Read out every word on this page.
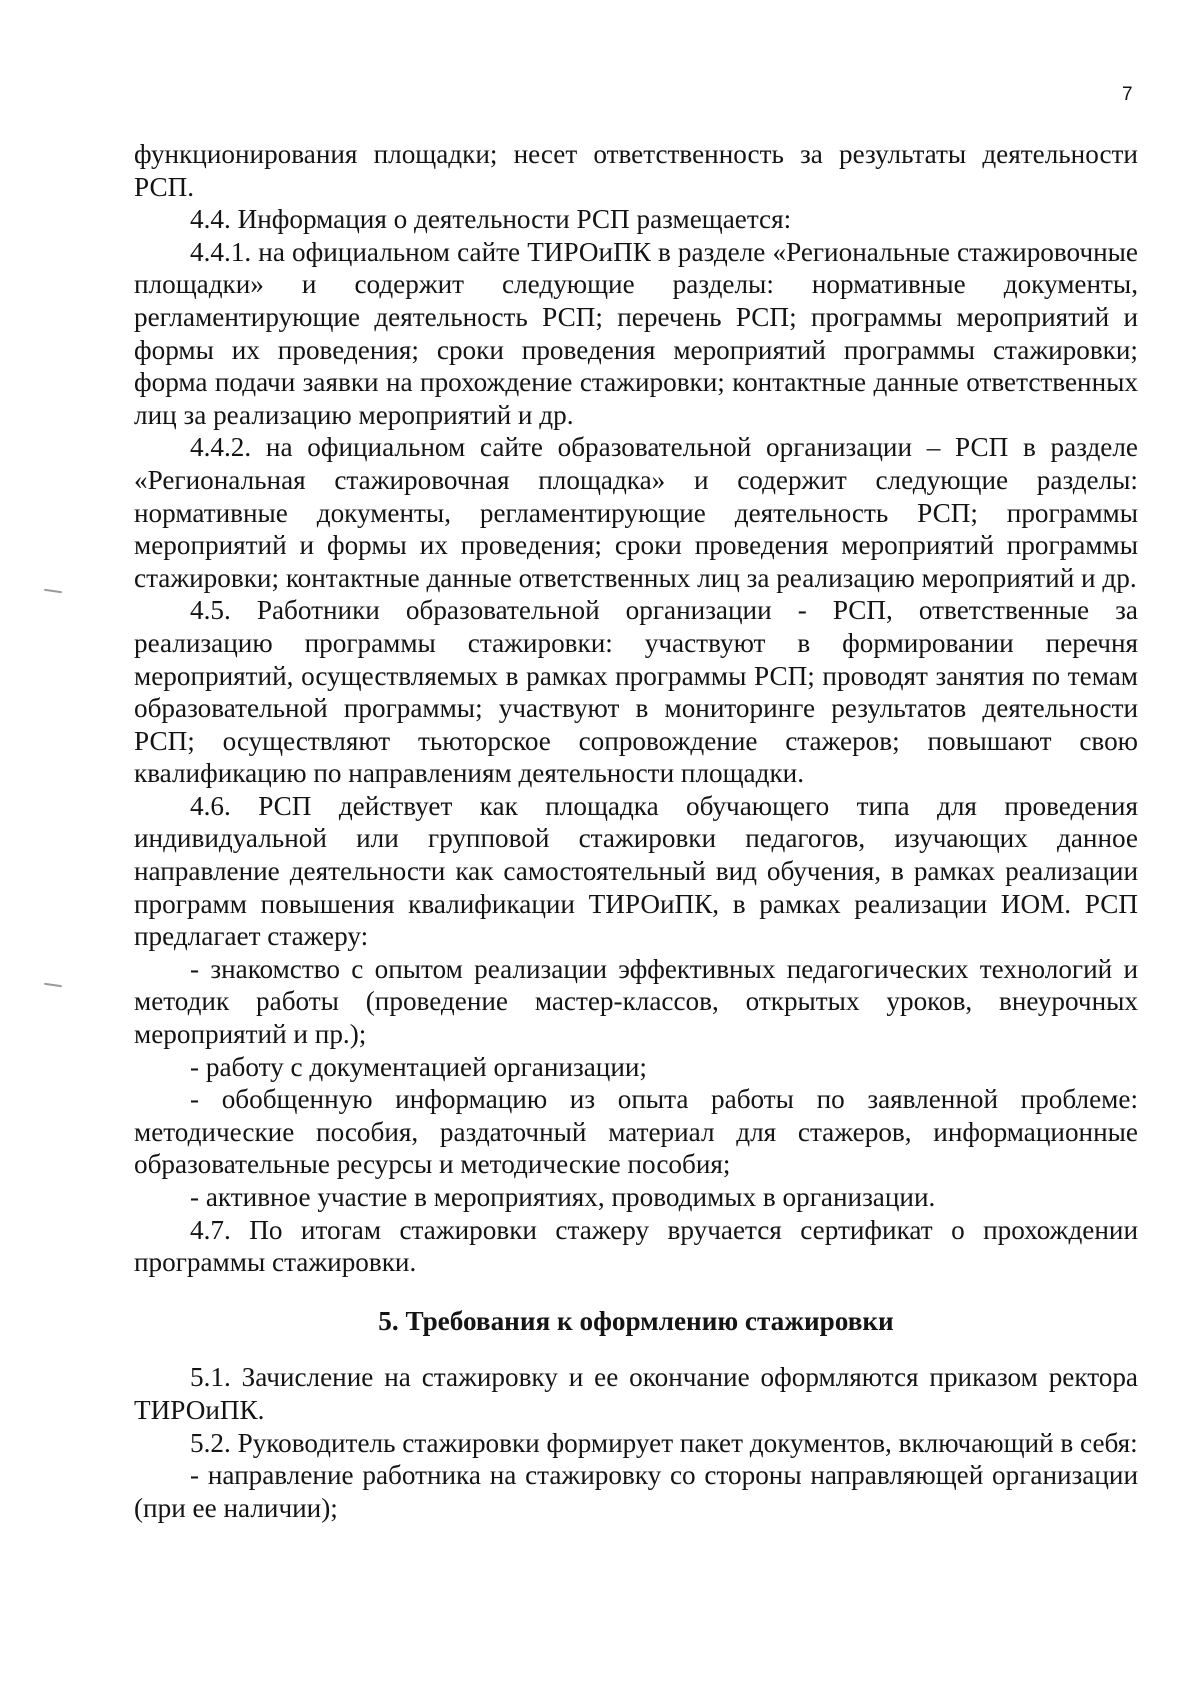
7

функционирования площадки; несет ответственность за результаты деятельности РСП.

4.4. Информация о деятельности РСП размещается:

4.4.1. на официальном сайте ТИРОиПК в разделе «Региональные стажировочные площадки» и содержит следующие разделы: нормативные документы, регламентирующие деятельность РСП; перечень РСП; программы мероприятий и формы их проведения; сроки проведения мероприятий программы стажировки; форма подачи заявки на прохождение стажировки; контактные данные ответственных лиц за реализацию мероприятий и др.

4.4.2. на официальном сайте образовательной организации – РСП в разделе «Региональная стажировочная площадка» и содержит следующие разделы: нормативные документы, регламентирующие деятельность РСП; программы мероприятий и формы их проведения; сроки проведения мероприятий программы стажировки; контактные данные ответственных лиц за реализацию мероприятий и др.

4.5. Работники образовательной организации - РСП, ответственные за реализацию программы стажировки: участвуют в формировании перечня мероприятий, осуществляемых в рамках программы РСП; проводят занятия по темам образовательной программы; участвуют в мониторинге результатов деятельности РСП; осуществляют тьюторское сопровождение стажеров; повышают свою квалификацию по направлениям деятельности площадки.

4.6. РСП действует как площадка обучающего типа для проведения индивидуальной или групповой стажировки педагогов, изучающих данное направление деятельности как самостоятельный вид обучения, в рамках реализации программ повышения квалификации ТИРОиПК, в рамках реализации ИОМ. РСП предлагает стажеру:

- знакомство с опытом реализации эффективных педагогических технологий и методик работы (проведение мастер-классов, открытых уроков, внеурочных мероприятий и пр.);

- работу с документацией организации;

- обобщенную информацию из опыта работы по заявленной проблеме: методические пособия, раздаточный материал для стажеров, информационные образовательные ресурсы и методические пособия;

- активное участие в мероприятиях, проводимых в организации.

4.7. По итогам стажировки стажеру вручается сертификат о прохождении программы стажировки.

5. Требования к оформлению стажировки

5.1. Зачисление на стажировку и ее окончание оформляются приказом ректора ТИРОиПК.

5.2. Руководитель стажировки формирует пакет документов, включающий в себя:

- направление работника на стажировку со стороны направляющей организации (при ее наличии);
